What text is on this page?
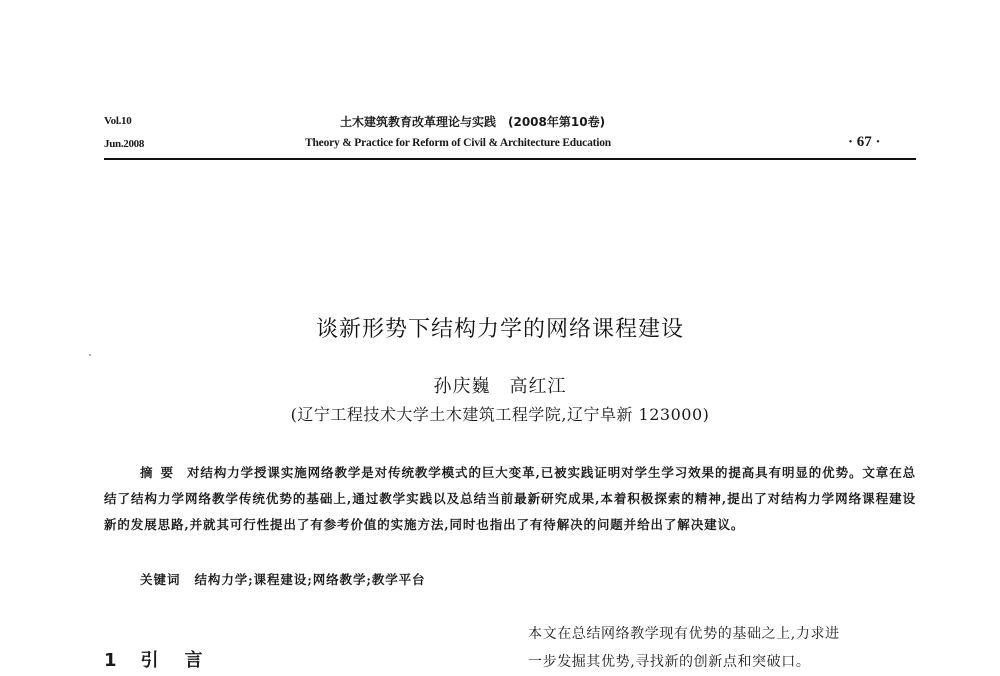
Vol.10
Jun.2008
土木建筑教育改革理论与实践　(2008年第10卷)
Theory & Practice for Reform of Civil & Architecture Education	· 67 ·
谈新形势下结构力学的网络课程建设
孙庆巍　高红江
(辽宁工程技术大学土木建筑工程学院,辽宁阜新 123000)
摘要 对结构力学授课实施网络教学是对传统教学模式的巨大变革,已被实践证明对学生学习效果的提高具有明显的优势。文章在总结了结构力学网络教学传统优势的基础上,通过教学实践以及总结当前最新研究成果,本着积极探索的精神,提出了对结构力学网络课程建设新的发展思路,并就其可行性提出了有参考价值的实施方法,同时也指出了有待解决的问题并给出了解决建议。
关键词 结构力学;课程建设;网络教学;教学平台
1 引言

本文在总结网络教学现有优势的基础之上,力求进

一步发掘其优势,寻找新的创新点和突破口。
